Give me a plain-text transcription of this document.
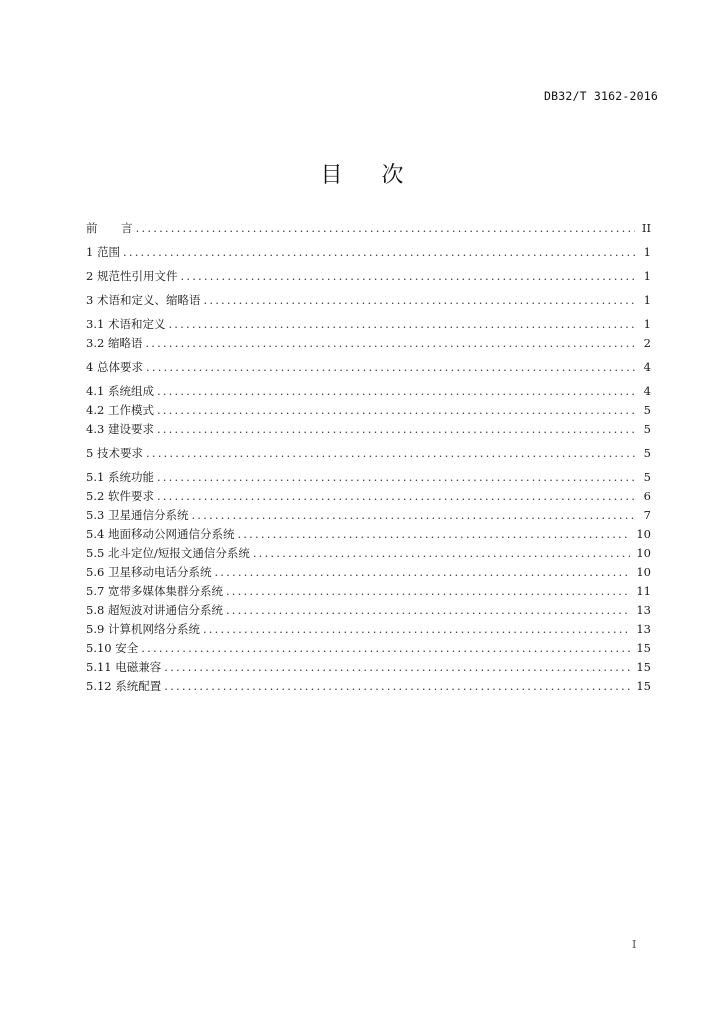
DB32/T 3162-2016
目 次
前 言 .....	II
1 范围 .....	1
2 规范性引用文件 .....	1
3 术语和定义、缩略语 .....	1
3.1 术语和定义 .....	1
3.2 缩略语 .....	2
4 总体要求 .....	4
4.1 系统组成 .....	4
4.2 工作模式 .....	5
4.3 建设要求 .....	5
5 技术要求 .....	5
5.1 系统功能 .....	5
5.2 软件要求 .....	6
5.3 卫星通信分系统 .....	7
5.4 地面移动公网通信分系统 .....	10
5.5 北斗定位/短报文通信分系统 .....	10
5.6 卫星移动电话分系统 .....	10
5.7 宽带多媒体集群分系统 .....	11
5.8 超短波对讲通信分系统 .....	13
5.9 计算机网络分系统 .....	13
5.10 安全 .....	15
5.11 电磁兼容 .....	15
5.12 系统配置 .....	15
I
